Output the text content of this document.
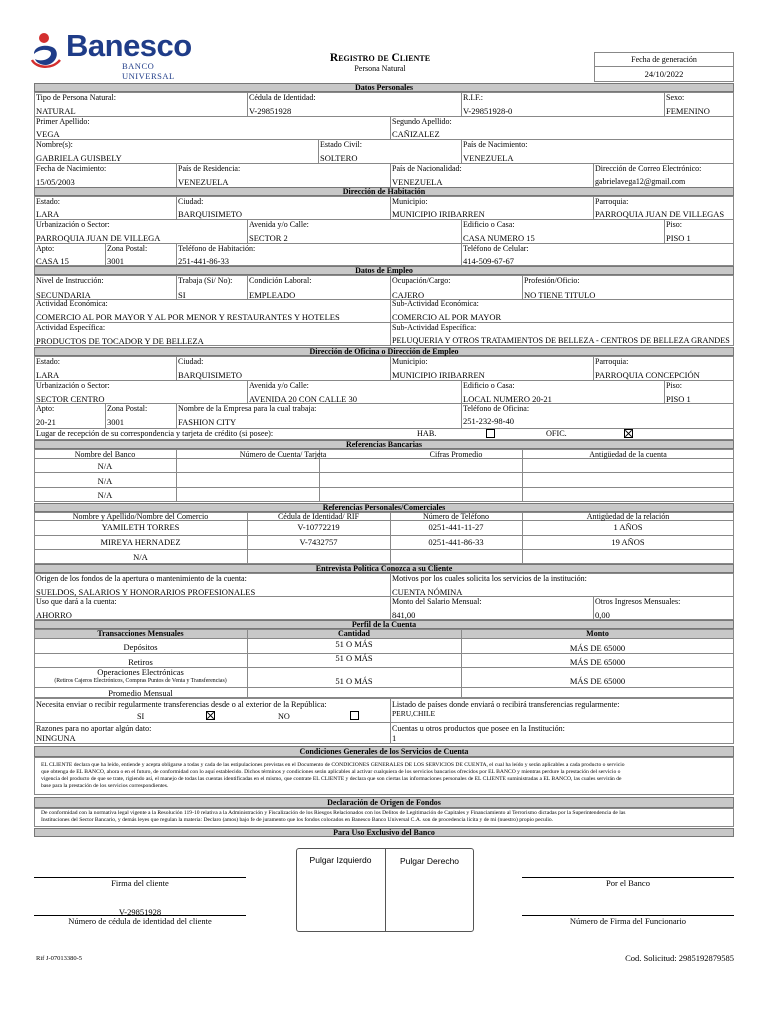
Banesco
BANCO UNIVERSAL
Registro de Cliente
Persona Natural
Fecha de generación
24/10/2022
Datos Personales
Tipo de Persona Natural:
NATURAL
Cédula de Identidad:
V-29851928
R.I.F.:
V-29851928-0
Sexo:
FEMENINO
Primer Apellido:
VEGA
Segundo Apellido:
CAÑIZALEZ
Nombre(s):
GABRIELA GUISBELY
Estado Civil:
SOLTERO
País de Nacimiento:
VENEZUELA
Fecha de Nacimiento:
15/05/2003
País de Residencia:
VENEZUELA
País de Nacionalidad:
VENEZUELA
Dirección de Correo Electrónico:
gabrielavega12@gmail.com
Dirección de Habitación
Estado:
LARA
Ciudad:
BARQUISIMETO
Municipio:
MUNICIPIO IRIBARREN
Parroquia:
PARROQUIA JUAN DE VILLEGAS
Urbanización o Sector:
PARROQUIA JUAN DE VILLEGA
Avenida y/o Calle:
SECTOR 2
Edificio o Casa:
CASA NUMERO 15
Piso:
PISO 1
Apto:
CASA 15
Zona Postal:
3001
Teléfono de Habitación:
251-441-86-33
Teléfono de Celular:
414-509-67-67
Datos de Empleo
Nivel de Instrucción:
SECUNDARIA
Trabaja (Si/ No):
SI
Condición Laboral:
EMPLEADO
Ocupación/Cargo:
CAJERO
Profesión/Oficio:
NO TIENE TITULO
Actividad Económica:
COMERCIO AL POR MAYOR Y AL POR MENOR Y RESTAURANTES Y HOTELES
Sub-Actividad Económica:
COMERCIO AL POR MAYOR
Actividad Específica:
PRODUCTOS DE TOCADOR Y DE BELLEZA
Sub-Actividad Específica:
PELUQUERIA Y OTROS TRATAMIENTOS DE BELLEZA - CENTROS DE BELLEZA GRANDES
Dirección de Oficina o Dirección de Empleo
Estado:
LARA
Ciudad:
BARQUISIMETO
Municipio:
MUNICIPIO IRIBARREN
Parroquia:
PARROQUIA CONCEPCIÓN
Urbanización o Sector:
SECTOR CENTRO
Avenida y/o Calle:
AVENIDA 20 CON CALLE 30
Edificio o Casa:
LOCAL NUMERO 20-21
Piso:
PISO 1
Apto:
20-21
Zona Postal:
3001
Nombre de la Empresa para la cual trabaja:
FASHION CITY
Teléfono de Oficina:
251-232-98-40
Lugar de recepción de su correspondencia y tarjeta de crédito (si posee):	HAB.	OFIC.
Referencias Bancarias
Nombre del Banco	Número de Cuenta/ Tarjeta	Cifras Promedio	Antigüedad de la cuenta
N/A
N/A
N/A
Referencias Personales/Comerciales
Nombre y Apellido/Nombre del Comercio	Cédula de Identidad/ RIF	Número de Teléfono	Antigüedad de la relación
YAMILETH TORRES	V-10772219	0251-441-11-27	1 AÑOS
MIREYA HERNADEZ	V-7432757	0251-441-86-33	19 AÑOS
N/A
Entrevista Política Conozca a su Cliente
Origen de los fondos de la apertura o mantenimiento de la cuenta:
SUELDOS, SALARIOS Y HONORARIOS PROFESIONALES
Motivos por los cuales solicita los servicios de la institución:
CUENTA NÓMINA
Uso que dará a la cuenta:
AHORRO
Monto del Salario Mensual:
841,00
Otros Ingresos Mensuales:
0,00
Perfil de la Cuenta
Transacciones Mensuales	Cantidad	Monto
Depósitos	51 O MÁS	MÁS DE 65000
Retiros	51 O MÁS	MÁS DE 65000
Operaciones Electrónicas
(Retiros Cajeros Electrónicos, Compras Puntos de Venta y Transferencias)	51 O MÁS	MÁS DE 65000
Promedio Mensual
Necesita enviar o recibir regularmente transferencias desde o al exterior de la República:
SI	NO
Listado de países donde enviará o recibirá transferencias regularmente:
PERU,CHILE
Razones para no aportar algún dato:
NINGUNA
Cuentas u otros productos que posee en la Institución:
1
Condiciones Generales de los Servicios de Cuenta
EL CLIENTE declara que ha leído, entiende y acepta obligarse a todas y cada de las estipulaciones previstas en el Documento de CONDICIONES GENERALES DE LOS SERVICIOS DE CUENTA, el cual ha leído y serán aplicables a cada producto o servicio
que obtenga de EL BANCO, ahora o en el futuro, de conformidad con lo aquí establecido. Dichos términos y condiciones serán aplicables al activar cualquiera de los servicios bancarios ofrecidos por EL BANCO y mientras perdure la prestación del servicio o
vigencia del producto de que se trate, rigiendo así, el manejo de todas las cuentas identificadas en el mismo, que contrate EL CLIENTE y declara que son ciertas las informaciones personales de EL CLIENTE suministradas a EL BANCO, las cuales servirán de
base para la prestación de los servicios correspondientes.
Declaración de Origen de Fondos
De conformidad con la normativa legal vigente a la Resolución 119-10 relativa a la Administración y Fiscalización de los Riesgos Relacionados con los Delitos de Legitimación de Capitales y Financiamiento al Terrorismo dictadas por la Superintendencia de las
Instituciones del Sector Bancario, y demás leyes que regulan la materia: Declaro (amos) bajo fe de juramento que los fondos colocados en Banesco Banco Universal C.A. son de procedencia lícita y de mi (nuestro) propio peculio.
Para Uso Exclusivo del Banco
Pulgar Izquierdo	Pulgar Derecho
Firma del cliente
V-29851928
Número de cédula de identidad del cliente
Por el Banco
Número de Firma del Funcionario
Rif J-07013380-5	Cod. Solicitud: 2985192879585
